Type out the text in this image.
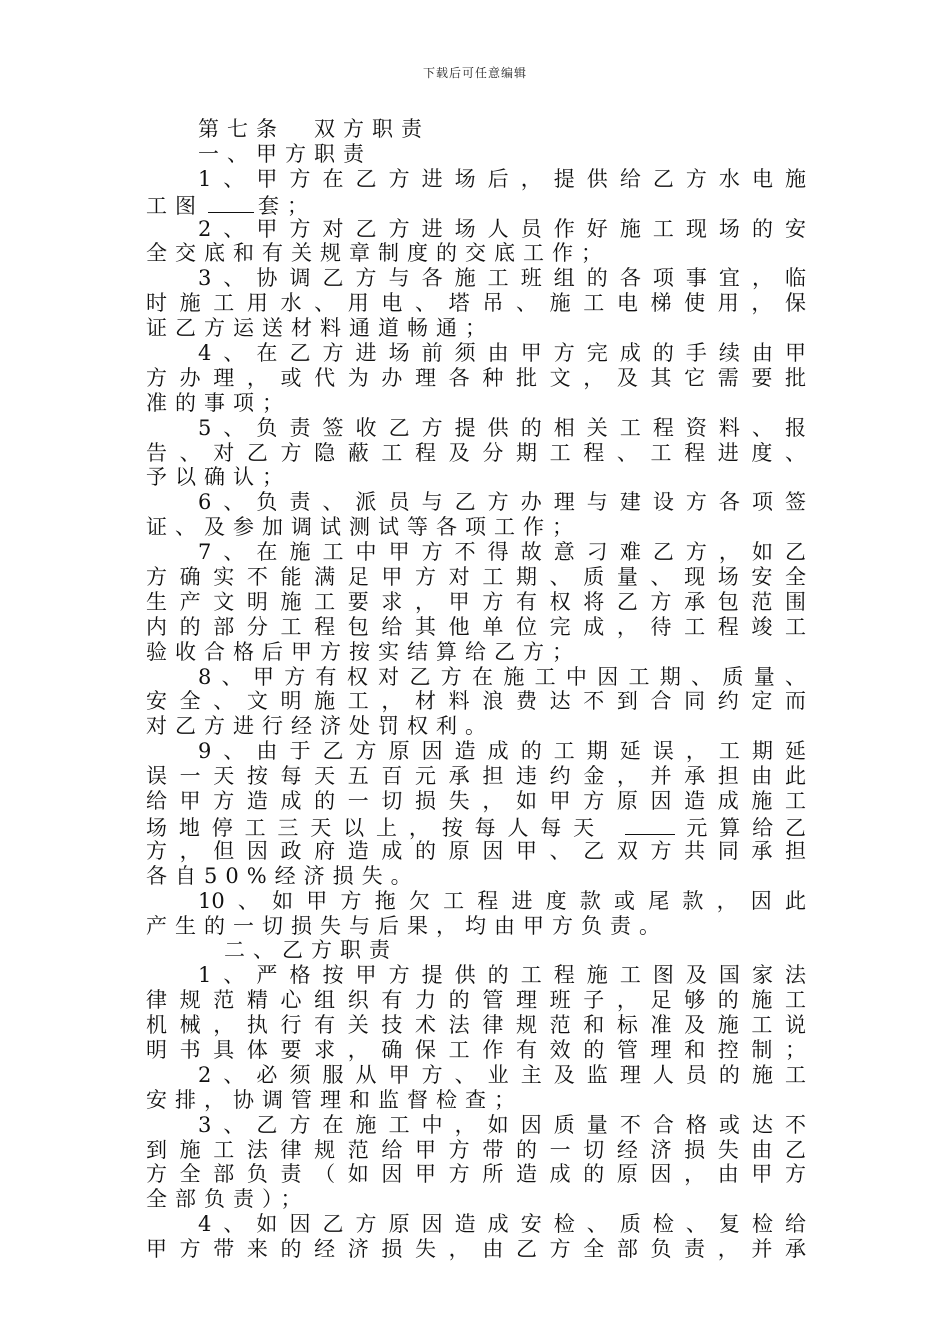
下载后可任意编辑
第七条　双方职责
一、甲方职责
1、甲方在乙方进场后，提供给乙方水电施
工图	套；
2、甲方对乙方进场人员作好施工现场的安
全交底和有关规章制度的交底工作；
3、协调乙方与各施工班组的各项事宜，临
时施工用水、用电、塔吊、施工电梯使用，保
证乙方运送材料通道畅通；
4、在乙方进场前须由甲方完成的手续由甲
方办理，或代为办理各种批文，及其它需要批
准的事项；
5、负责签收乙方提供的相关工程资料、报
告、对乙方隐蔽工程及分期工程、工程进度、
予以确认；
6、负责、派员与乙方办理与建设方各项签
证、及参加调试测试等各项工作；
7、在施工中甲方不得故意刁难乙方，如乙
方确实不能满足甲方对工期、质量、现场安全
生产文明施工要求，甲方有权将乙方承包范围
内的部分工程包给其他单位完成，待工程竣工
验收合格后甲方按实结算给乙方；
8、甲方有权对乙方在施工中因工期、质量、
安全、文明施工，材料浪费达不到合同约定而
对乙方进行经济处罚权利。
9、由于乙方原因造成的工期延误，工期延
误一天按每天五百元承担违约金，并承担由此
给甲方造成的一切损失，如甲方原因造成施工
场地停工三天以上，按每人每天	元算给乙
方，但因政府造成的原因甲、乙双方共同承担
各自50%经济损失。
10、如甲方拖欠工程进度款或尾款，因此
产生的一切损失与后果，均由甲方负责。
二、乙方职责
1、严格按甲方提供的工程施工图及国家法
律规范精心组织有力的管理班子，足够的施工
机械，执行有关技术法律规范和标准及施工说
明书具体要求，确保工作有效的管理和控制；
2、必须服从甲方、业主及监理人员的施工
安排，协调管理和监督检查；
3、乙方在施工中，如因质量不合格或达不
到施工法律规范给甲方带的一切经济损失由乙
方全部负责（如因甲方所造成的原因，由甲方
全部负责）；
4、如因乙方原因造成安检、质检、复检给
甲方带来的经济损失，由乙方全部负责，并承
